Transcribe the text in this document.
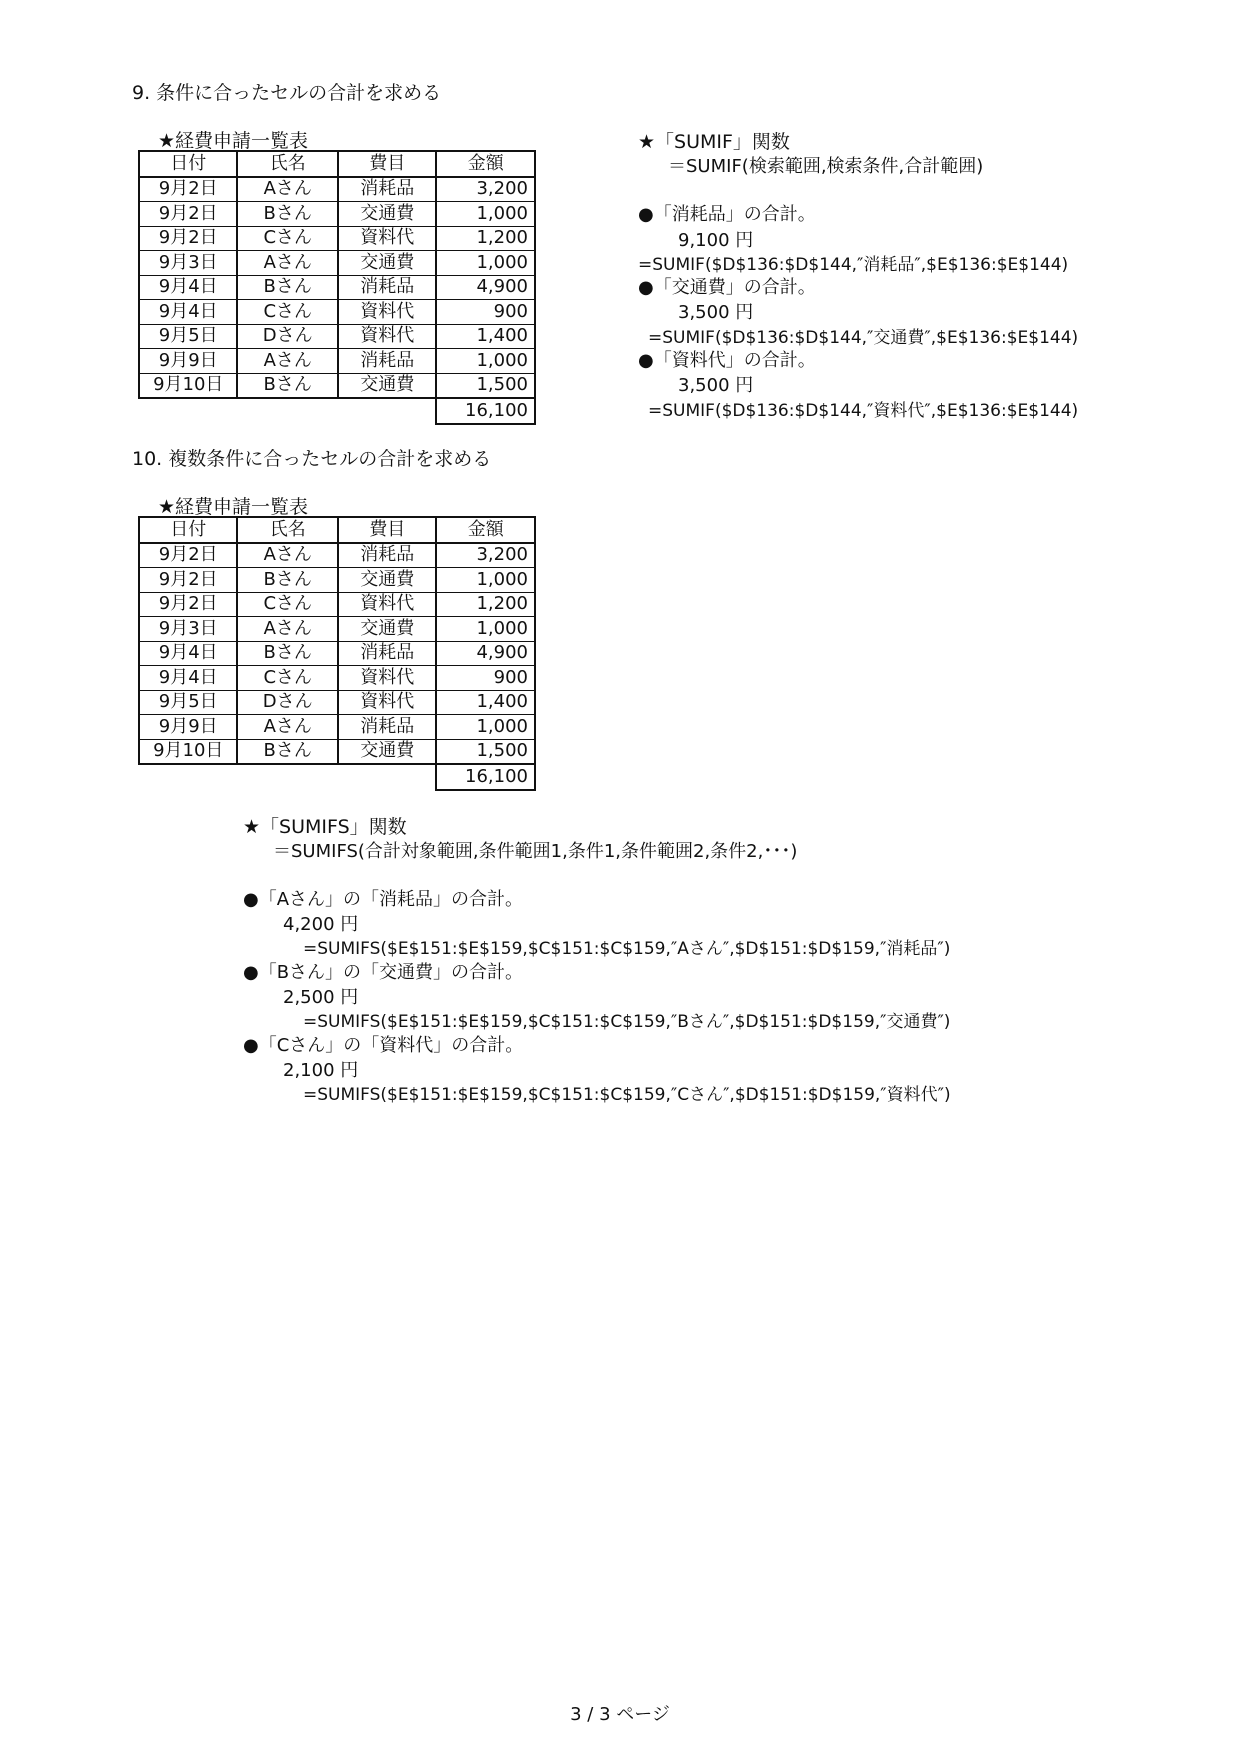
9. 条件に合ったセルの合計を求める
★経費申請一覧表
日付	氏名	費目	金額
9月2日	Aさん	消耗品	3,200
9月2日	Bさん	交通費	1,000
9月2日	Cさん	資料代	1,200
9月3日	Aさん	交通費	1,000
9月4日	Bさん	消耗品	4,900
9月4日	Cさん	資料代	900
9月5日	Dさん	資料代	1,400
9月9日	Aさん	消耗品	1,000
9月10日	Bさん	交通費	1,500
			16,100
★「SUMIF」関数
＝SUMIF(検索範囲,検索条件,合計範囲)
●「消耗品」の合計。
9,100 円
=SUMIF($D$136:$D$144,″消耗品″,$E$136:$E$144)
●「交通費」の合計。
3,500 円
=SUMIF($D$136:$D$144,″交通費″,$E$136:$E$144)
●「資料代」の合計。
3,500 円
=SUMIF($D$136:$D$144,″資料代″,$E$136:$E$144)
10. 複数条件に合ったセルの合計を求める
★経費申請一覧表
日付	氏名	費目	金額
9月2日	Aさん	消耗品	3,200
9月2日	Bさん	交通費	1,000
9月2日	Cさん	資料代	1,200
9月3日	Aさん	交通費	1,000
9月4日	Bさん	消耗品	4,900
9月4日	Cさん	資料代	900
9月5日	Dさん	資料代	1,400
9月9日	Aさん	消耗品	1,000
9月10日	Bさん	交通費	1,500
			16,100
★「SUMIFS」関数
＝SUMIFS(合計対象範囲,条件範囲1,条件1,条件範囲2,条件2,･･･)
●「Aさん」の「消耗品」の合計。
4,200 円
=SUMIFS($E$151:$E$159,$C$151:$C$159,″Aさん″,$D$151:$D$159,″消耗品″)
●「Bさん」の「交通費」の合計。
2,500 円
=SUMIFS($E$151:$E$159,$C$151:$C$159,″Bさん″,$D$151:$D$159,″交通費″)
●「Cさん」の「資料代」の合計。
2,100 円
=SUMIFS($E$151:$E$159,$C$151:$C$159,″Cさん″,$D$151:$D$159,″資料代″)
3 / 3 ページ
